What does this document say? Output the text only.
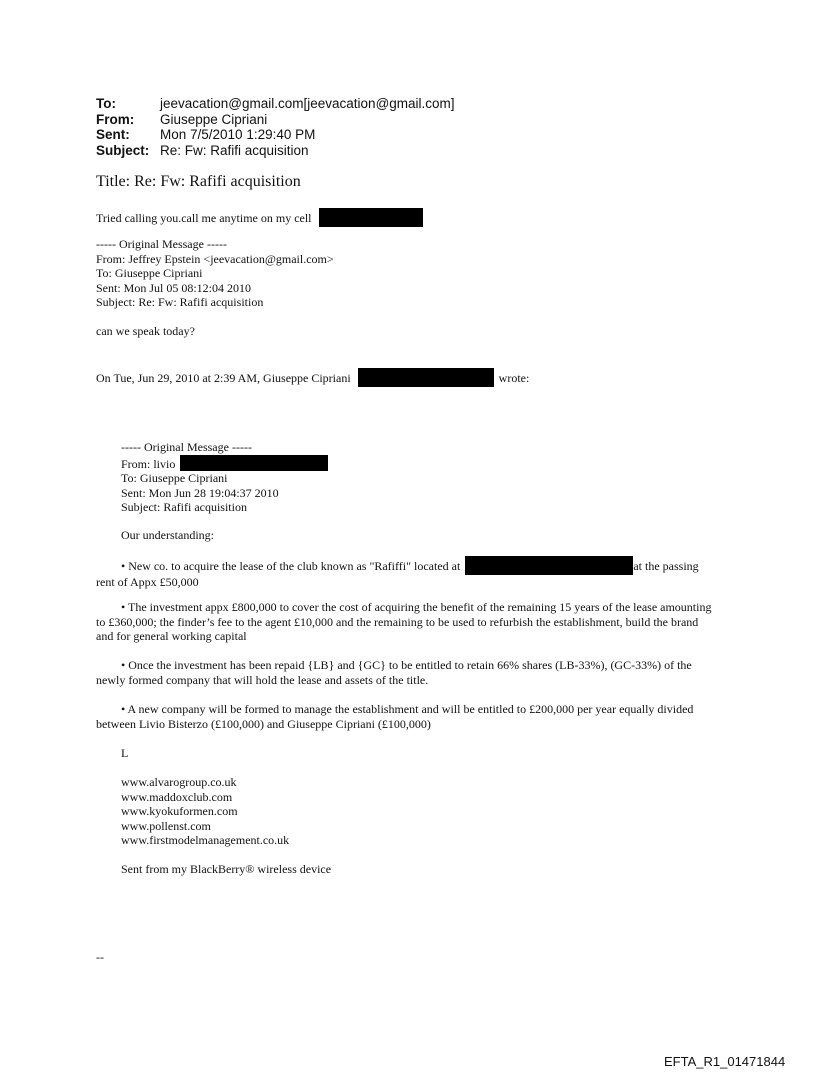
To:	jeevacation@gmail.com[jeevacation@gmail.com]
From:	Giuseppe Cipriani
Sent:	Mon 7/5/2010 1:29:40 PM
Subject: Re: Fw: Rafifi acquisition
Title: Re: Fw: Rafifi acquisition
Tried calling you.call me anytime on my cell

----- Original Message -----

From: Jeffrey Epstein <jeevacation@gmail.com>

To: Giuseppe Cipriani

Sent: Mon Jul 05 08:12:04 2010

Subject: Re: Fw: Rafifi acquisition

can we speak today?
On Tue, Jun 29, 2010 at 2:39 AM, Giuseppe Cipriani	wrote:

----- Original Message -----

From: livio

To: Giuseppe Cipriani

Sent: Mon Jun 28 19:04:37 2010

Subject: Rafifi acquisition

Our understanding:
• New co. to acquire the lease of the club known as "Rafiffi" located at	at the passing
rent of Appx £50,000
• The investment appx £800,000 to cover the cost of acquiring the benefit of the remaining 15 years of the lease amounting to £360,000; the finder’s fee to the agent £10,000 and the remaining to be used to refurbish the establishment, build the brand and for general working capital
• Once the investment has been repaid {LB} and {GC} to be entitled to retain 66% shares (LB-33%), (GC-33%) of the newly formed company that will hold the lease and assets of the title.
• A new company will be formed to manage the establishment and will be entitled to £200,000 per year equally divided between Livio Bisterzo (£100,000) and Giuseppe Cipriani (£100,000)
L

www.alvarogroup.co.uk

www.maddoxclub.com

www.kyokuformen.com

www.pollenst.com

www.firstmodelmanagement.co.uk

Sent from my BlackBerry® wireless device
--
EFTA_R1_01471844
